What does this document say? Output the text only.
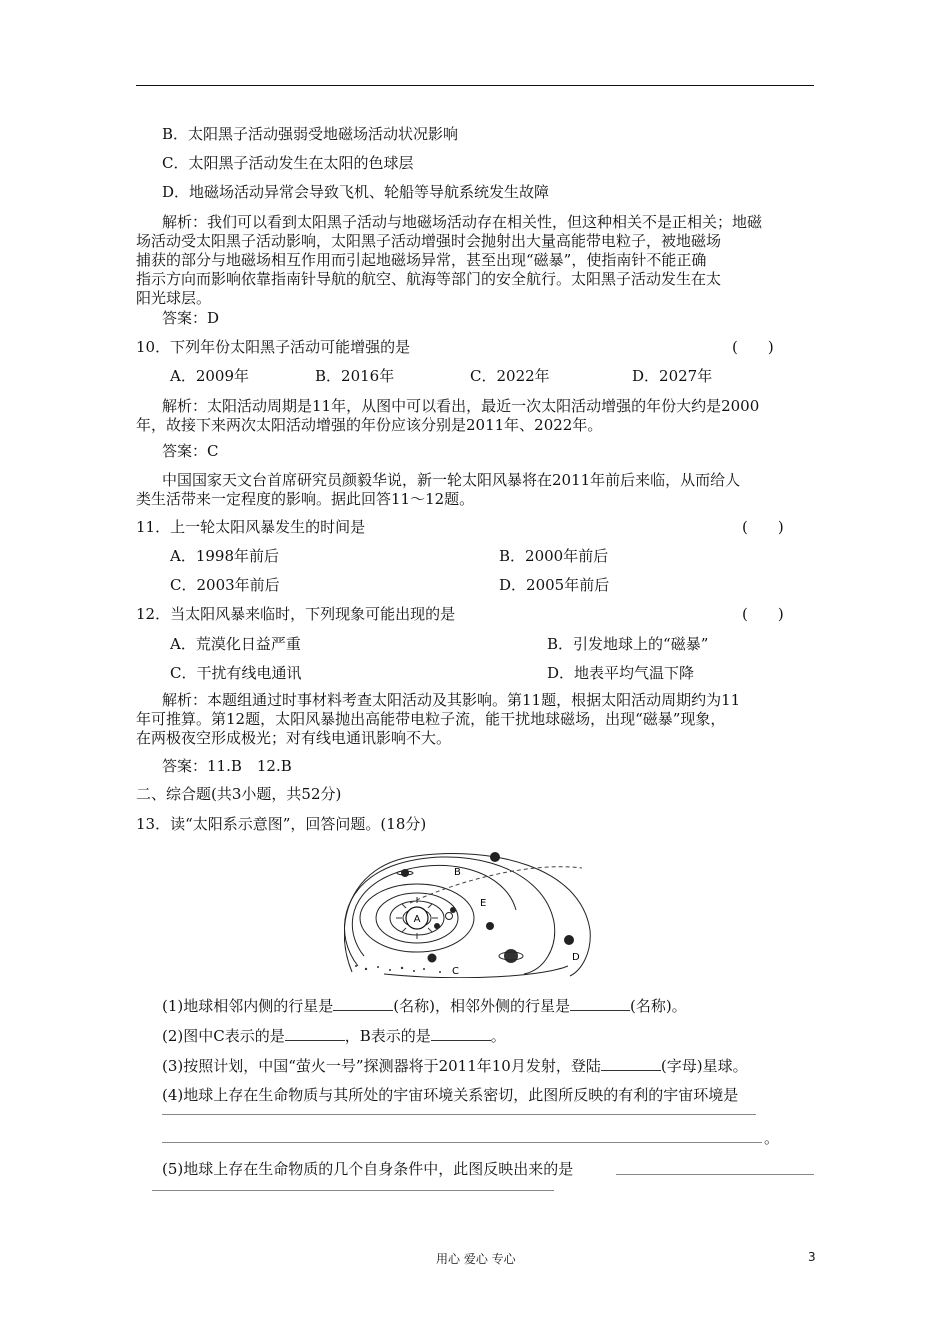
B．太阳黑子活动强弱受地磁场活动状况影响
C．太阳黑子活动发生在太阳的色球层
D．地磁场活动异常会导致飞机、轮船等导航系统发生故障
解析：我们可以看到太阳黑子活动与地磁场活动存在相关性，但这种相关不是正相关；地磁
场活动受太阳黑子活动影响，太阳黑子活动增强时会抛射出大量高能带电粒子，被地磁场
捕获的部分与地磁场相互作用而引起地磁场异常，甚至出现“磁暴”，使指南针不能正确
指示方向而影响依靠指南针导航的航空、航海等部门的安全航行。太阳黑子活动发生在太
阳光球层。
答案：D
10．下列年份太阳黑子活动可能增强的是	(　　)
A．2009年	B．2016年	C．2022年	D．2027年
解析：太阳活动周期是11年，从图中可以看出，最近一次太阳活动增强的年份大约是2000
年，故接下来两次太阳活动增强的年份应该分别是2011年、2022年。
答案：C
中国国家天文台首席研究员颜毅华说，新一轮太阳风暴将在2011年前后来临，从而给人
类生活带来一定程度的影响。据此回答11～12题。
11．上一轮太阳风暴发生的时间是	(　　)
A．1998年前后	B．2000年前后
C．2003年前后	D．2005年前后
12．当太阳风暴来临时，下列现象可能出现的是	(　　)
A．荒漠化日益严重	B．引发地球上的“磁暴”
C．干扰有线电通讯	D．地表平均气温下降
解析：本题组通过时事材料考查太阳活动及其影响。第11题，根据太阳活动周期约为11
年可推算。第12题，太阳风暴抛出高能带电粒子流，能干扰地球磁场，出现“磁暴”现象，
在两极夜空形成极光；对有线电通讯影响不大。
答案：11.B　12.B
二、综合题(共3小题，共52分)
13．读“太阳系示意图”，回答问题。(18分)
A
B
E
C
D
(1)地球相邻内侧的行星是	(名称)，相邻外侧的行星是	(名称)。
(2)图中C表示的是	，B表示的是	。
(3)按照计划，中国“萤火一号”探测器将于2011年10月发射，登陆	(字母)星球。
(4)地球上存在生命物质与其所处的宇宙环境关系密切，此图所反映的有利的宇宙环境是
。
(5)地球上存在生命物质的几个自身条件中，此图反映出来的是
用心 爱心 专心	3
